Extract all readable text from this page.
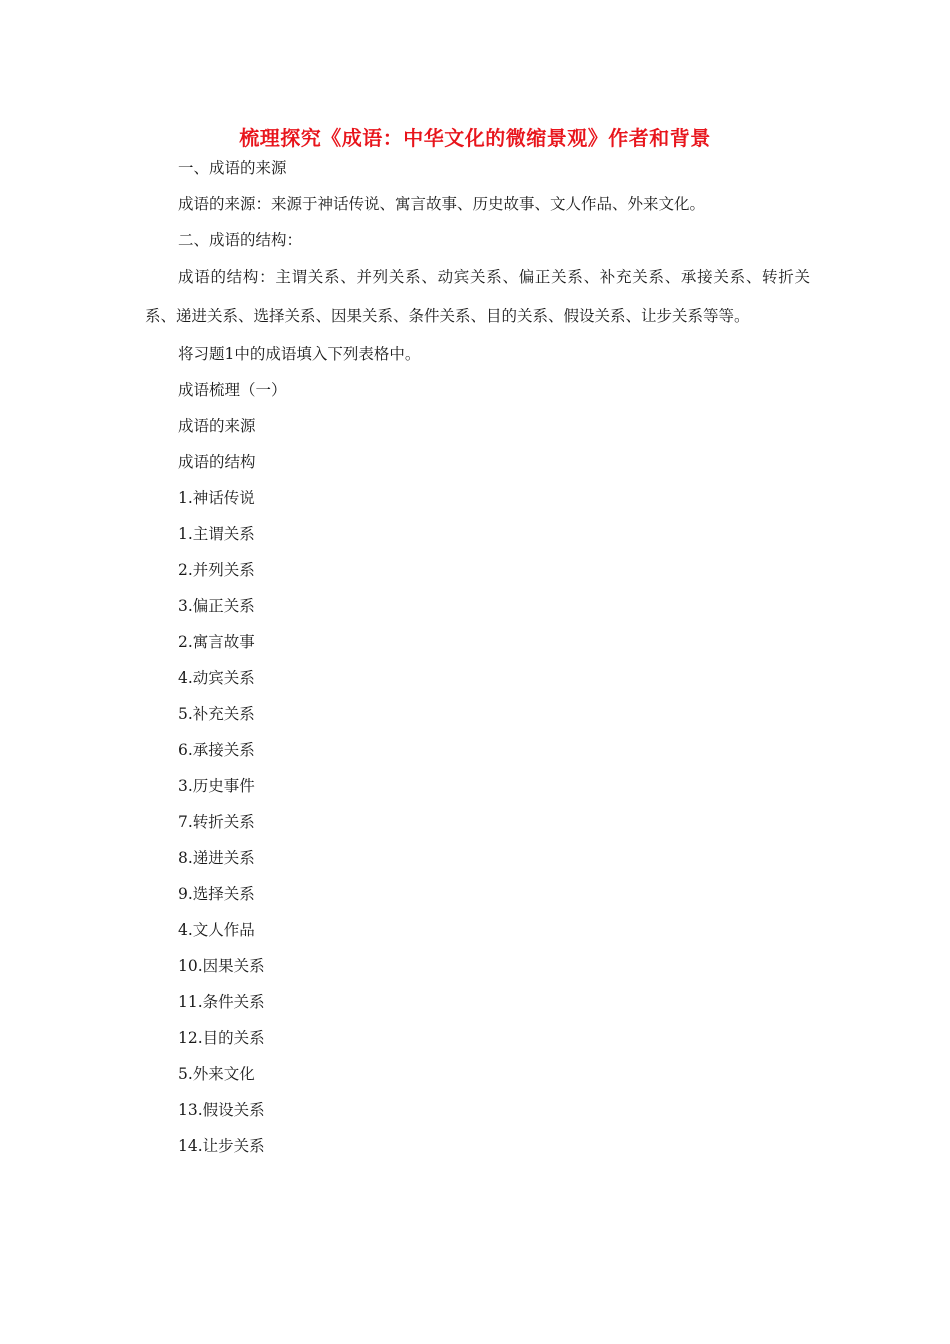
梳理探究《成语：中华文化的微缩景观》作者和背景

一、成语的来源

成语的来源：来源于神话传说、寓言故事、历史故事、文人作品、外来文化。

二、成语的结构：

成语的结构：主谓关系、并列关系、动宾关系、偏正关系、补充关系、承接关系、转折关系、递进关系、选择关系、因果关系、条件关系、目的关系、假设关系、让步关系等等。

将习题1中的成语填入下列表格中。

成语梳理（一）

成语的来源

成语的结构

1.神话传说

1.主谓关系

2.并列关系

3.偏正关系

2.寓言故事

4.动宾关系

5.补充关系

6.承接关系

3.历史事件

7.转折关系

8.递进关系

9.选择关系

4.文人作品

10.因果关系

11.条件关系

12.目的关系

5.外来文化

13.假设关系

14.让步关系
